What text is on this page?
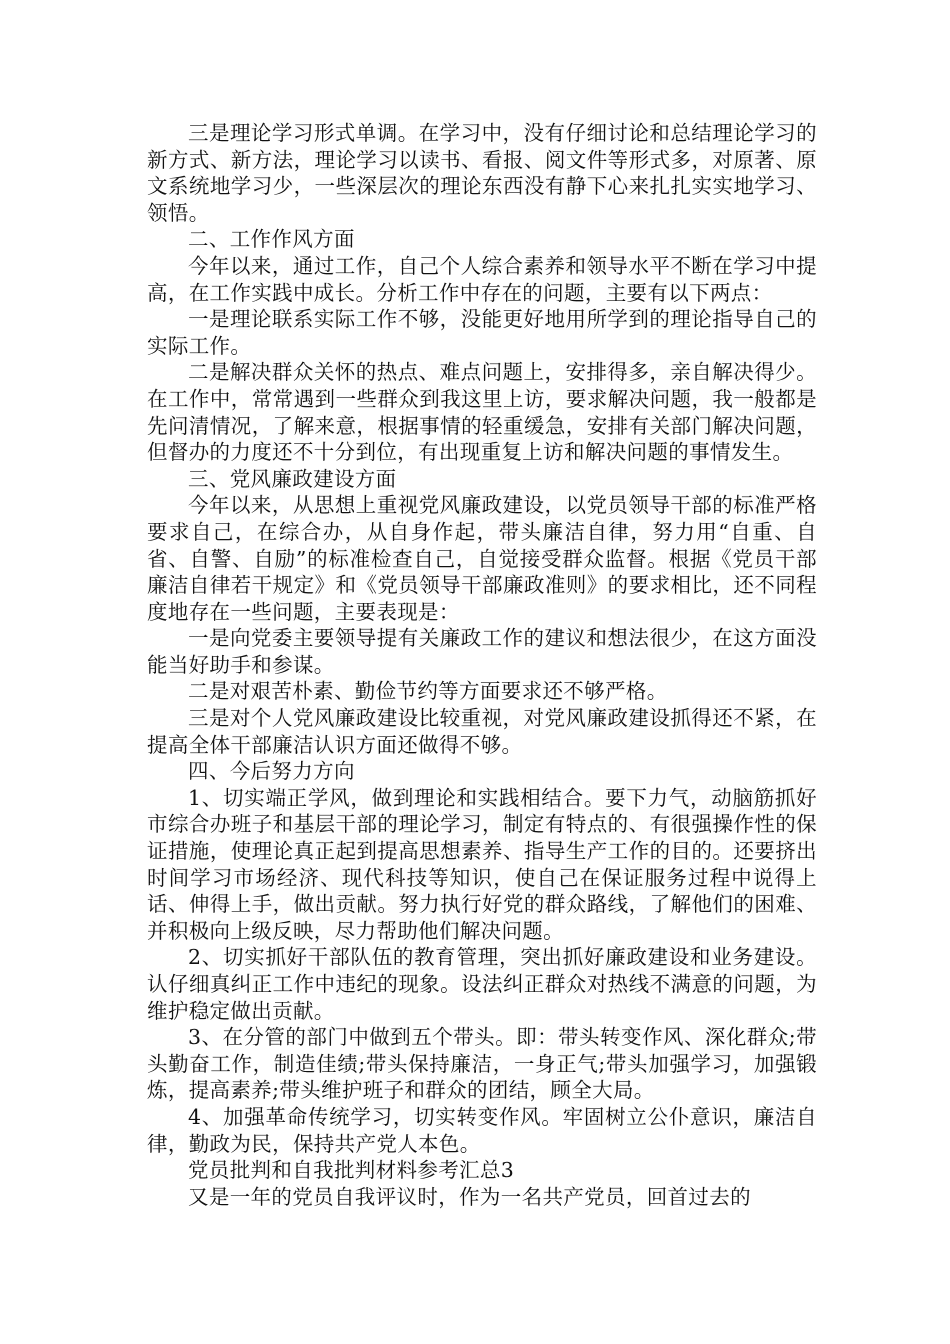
三是理论学习形式单调。在学习中，没有仔细讨论和总结理论学习的新方式、新方法，理论学习以读书、看报、阅文件等形式多，对原著、原文系统地学习少，一些深层次的理论东西没有静下心来扎扎实实地学习、领悟。

二、工作作风方面

今年以来，通过工作，自己个人综合素养和领导水平不断在学习中提高，在工作实践中成长。分析工作中存在的问题，主要有以下两点：

一是理论联系实际工作不够，没能更好地用所学到的理论指导自己的实际工作。

二是解决群众关怀的热点、难点问题上，安排得多，亲自解决得少。在工作中，常常遇到一些群众到我这里上访，要求解决问题，我一般都是先问清情况，了解来意，根据事情的轻重缓急，安排有关部门解决问题，但督办的力度还不十分到位，有出现重复上访和解决问题的事情发生。

三、党风廉政建设方面

今年以来，从思想上重视党风廉政建设，以党员领导干部的标准严格要求自己，在综合办，从自身作起，带头廉洁自律，努力用“自重、自省、自警、自励”的标准检查自己，自觉接受群众监督。根据《党员干部廉洁自律若干规定》和《党员领导干部廉政准则》的要求相比，还不同程度地存在一些问题，主要表现是：

一是向党委主要领导提有关廉政工作的建议和想法很少，在这方面没能当好助手和参谋。

二是对艰苦朴素、勤俭节约等方面要求还不够严格。

三是对个人党风廉政建设比较重视，对党风廉政建设抓得还不紧，在提高全体干部廉洁认识方面还做得不够。

四、今后努力方向

1、切实端正学风，做到理论和实践相结合。要下力气，动脑筋抓好市综合办班子和基层干部的理论学习，制定有特点的、有很强操作性的保证措施，使理论真正起到提高思想素养、指导生产工作的目的。还要挤出时间学习市场经济、现代科技等知识，使自己在保证服务过程中说得上话、伸得上手，做出贡献。努力执行好党的群众路线，了解他们的困难、并积极向上级反映，尽力帮助他们解决问题。

2、切实抓好干部队伍的教育管理，突出抓好廉政建设和业务建设。认仔细真纠正工作中违纪的现象。设法纠正群众对热线不满意的问题，为维护稳定做出贡献。

3、在分管的部门中做到五个带头。即：带头转变作风、深化群众;带头勤奋工作，制造佳绩;带头保持廉洁，一身正气;带头加强学习，加强锻炼，提高素养;带头维护班子和群众的团结，顾全大局。

4、加强革命传统学习，切实转变作风。牢固树立公仆意识，廉洁自律，勤政为民，保持共产党人本色。

党员批判和自我批判材料参考汇总3

又是一年的党员自我评议时，作为一名共产党员，回首过去的
